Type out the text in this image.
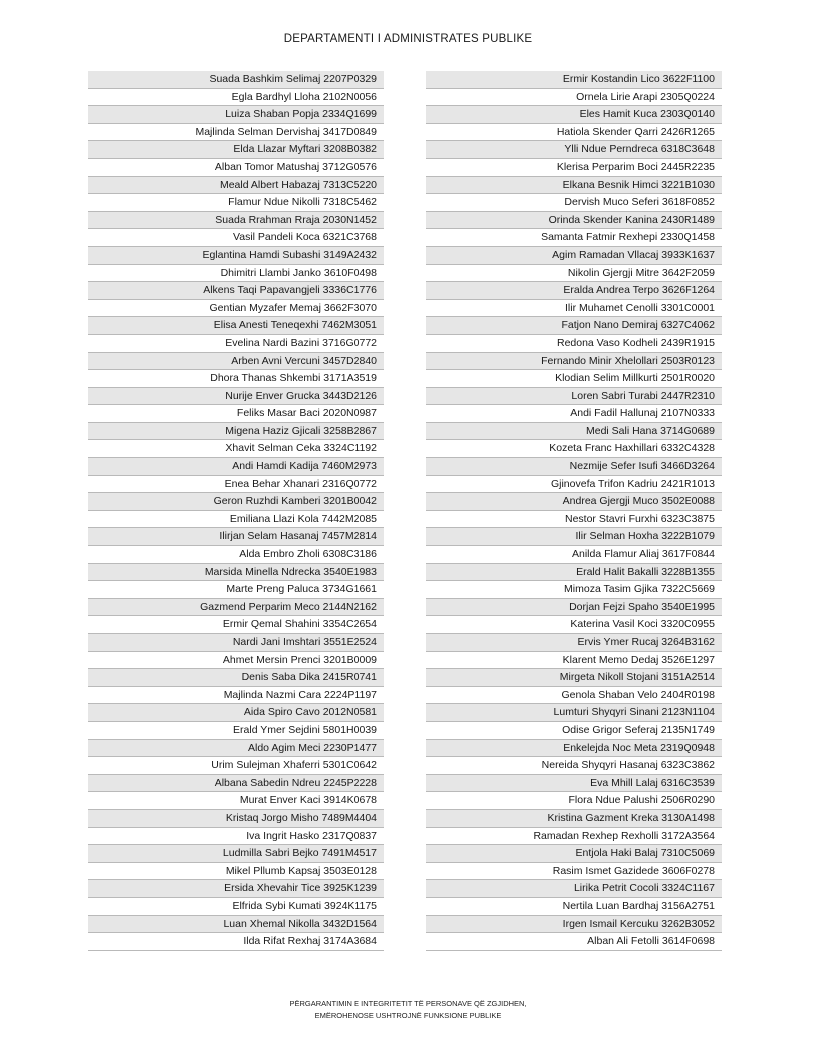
DEPARTAMENTI I ADMINISTRATES PUBLIKE
Suada Bashkim Selimaj 2207P0329
Egla Bardhyl Lloha 2102N0056
Luiza Shaban Popja 2334Q1699
Majlinda Selman Dervishaj 3417D0849
Elda Llazar Myftari 3208B0382
Alban Tomor Matushaj 3712G0576
Meald Albert Habazaj 7313C5220
Flamur Ndue Nikolli 7318C5462
Suada Rrahman Rraja 2030N1452
Vasil Pandeli Koca 6321C3768
Eglantina Hamdi Subashi 3149A2432
Dhimitri Llambi Janko 3610F0498
Alkens Taqi Papavangjeli 3336C1776
Gentian Myzafer Memaj 3662F3070
Elisa Anesti Teneqexhi 7462M3051
Evelina Nardi Bazini 3716G0772
Arben Avni Vercuni 3457D2840
Dhora Thanas Shkembi 3171A3519
Nurije Enver Grucka 3443D2126
Feliks Masar Baci 2020N0987
Migena Haziz Gjicali 3258B2867
Xhavit Selman Ceka 3324C1192
Andi Hamdi Kadija 7460M2973
Enea Behar Xhanari 2316Q0772
Geron Ruzhdi Kamberi 3201B0042
Emiliana Llazi Kola 7442M2085
Ilirjan Selam Hasanaj 7457M2814
Alda Embro Zholi 6308C3186
Marsida Minella Ndrecka 3540E1983
Marte Preng Paluca 3734G1661
Gazmend Perparim Meco 2144N2162
Ermir Qemal Shahini 3354C2654
Nardi Jani Imshtari 3551E2524
Ahmet Mersin Prenci 3201B0009
Denis Saba Dika 2415R0741
Majlinda Nazmi Cara 2224P1197
Aida Spiro Cavo 2012N0581
Erald Ymer Sejdini 5801H0039
Aldo Agim Meci 2230P1477
Urim Sulejman Xhaferri 5301C0642
Albana Sabedin Ndreu 2245P2228
Murat Enver Kaci 3914K0678
Kristaq Jorgo Misho 7489M4404
Iva Ingrit Hasko 2317Q0837
Ludmilla Sabri Bejko 7491M4517
Mikel Pllumb Kapsaj 3503E0128
Ersida Xhevahir Tice 3925K1239
Elfrida Sybi Kumati 3924K1175
Luan Xhemal Nikolla 3432D1564
Ilda Rifat Rexhaj 3174A3684
Ermir Kostandin Lico 3622F1100
Ornela Lirie Arapi 2305Q0224
Eles Hamit Kuca 2303Q0140
Hatiola Skender Qarri 2426R1265
Ylli Ndue Perndreca 6318C3648
Klerisa Perparim Boci 2445R2235
Elkana Besnik Himci 3221B1030
Dervish Muco Seferi 3618F0852
Orinda Skender Kanina 2430R1489
Samanta Fatmir Rexhepi 2330Q1458
Agim Ramadan Vllacaj 3933K1637
Nikolin Gjergji Mitre 3642F2059
Eralda Andrea Terpo 3626F1264
Ilir Muhamet Cenolli 3301C0001
Fatjon Nano Demiraj 6327C4062
Redona Vaso Kodheli 2439R1915
Fernando Minir Xhelollari 2503R0123
Klodian Selim Millkurti 2501R0020
Loren Sabri Turabi 2447R2310
Andi Fadil Hallunaj 2107N0333
Medi Sali Hana 3714G0689
Kozeta Franc Haxhillari 6332C4328
Nezmije Sefer Isufi 3466D3264
Gjinovefa Trifon Kadriu 2421R1013
Andrea Gjergji Muco 3502E0088
Nestor Stavri Furxhi 6323C3875
Ilir Selman Hoxha 3222B1079
Anilda Flamur Aliaj 3617F0844
Erald Halit Bakalli 3228B1355
Mimoza Tasim Gjika 7322C5669
Dorjan Fejzi Spaho 3540E1995
Katerina Vasil Koci 3320C0955
Ervis Ymer Rucaj 3264B3162
Klarent Memo Dedaj 3526E1297
Mirgeta Nikoll Stojani 3151A2514
Genola Shaban Velo 2404R0198
Lumturi Shyqyri Sinani 2123N1104
Odise Grigor Seferaj 2135N1749
Enkelejda Noc Meta 2319Q0948
Nereida Shyqyri Hasanaj 6323C3862
Eva Mhill Lalaj 6316C3539
Flora Ndue Palushi 2506R0290
Kristina Gazment Kreka 3130A1498
Ramadan Rexhep Rexholli 3172A3564
Entjola Haki Balaj 7310C5069
Rasim Ismet Gazidede 3606F0278
Lirika Petrit Cocoli 3324C1167
Nertila Luan Bardhaj 3156A2751
Irgen Ismail Kercuku 3262B3052
Alban Ali Fetolli 3614F0698
PËRGARANTIMIN E INTEGRITETIT TË PERSONAVE QË ZGJIDHEN,
EMËROHENOSE USHTROJNË FUNKSIONE PUBLIKE
